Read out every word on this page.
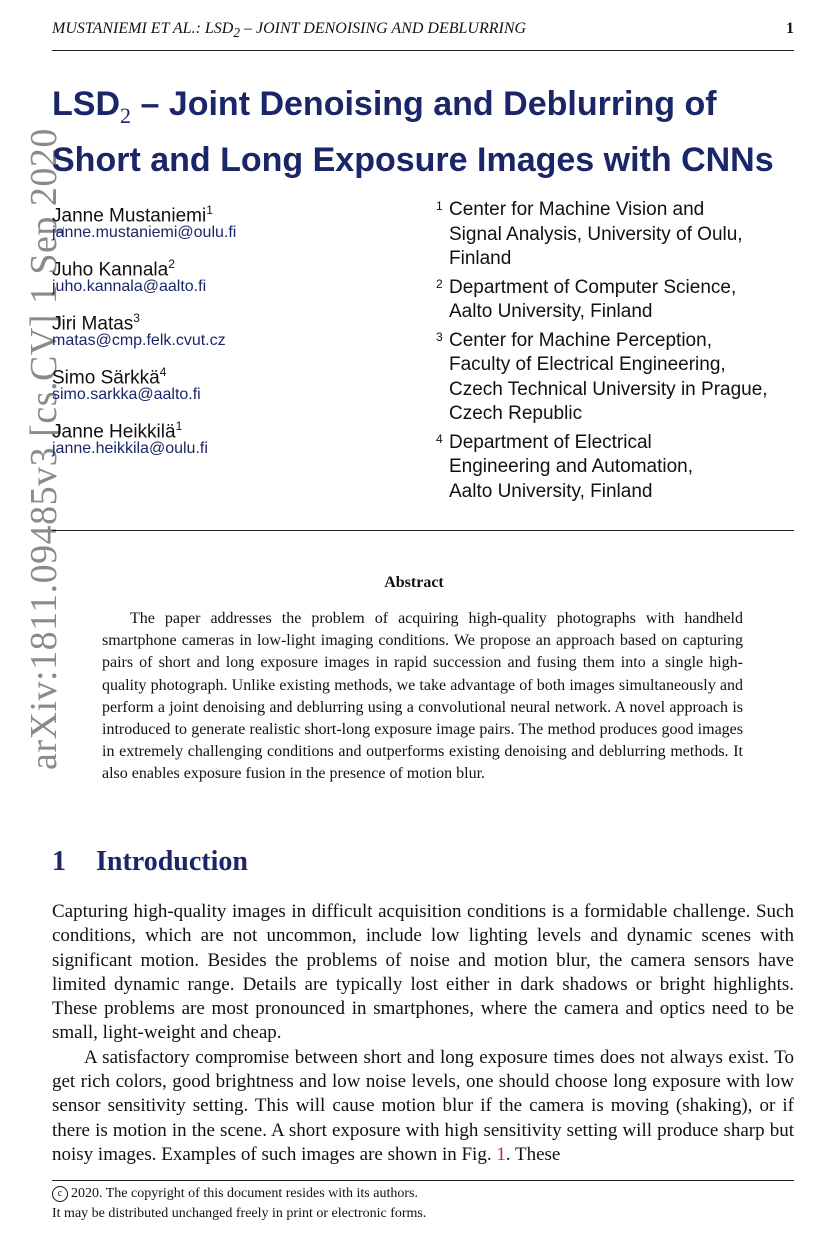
MUSTANIEMI ET AL.: $LSD_2$ – JOINT DENOISING AND DEBLURRING	1
arXiv:1811.09485v3 [cs.CV] 1 Sep 2020
$LSD_2$ – Joint Denoising and Deblurring of
Short and Long Exposure Images with CNNs
Janne Mustaniemi$^1$
janne.mustaniemi@oulu.fi
Juho Kannala$^2$
juho.kannala@aalto.fi
Jiri Matas$^3$
matas@cmp.felk.cvut.cz
Simo Särkkä$^4$
simo.sarkka@aalto.fi
Janne Heikkilä$^1$
janne.heikkila@oulu.fi
1 Center for Machine Vision and
Signal Analysis, University of Oulu,
Finland
2 Department of Computer Science,
Aalto University, Finland
3 Center for Machine Perception,
Faculty of Electrical Engineering,
Czech Technical University in Prague,
Czech Republic
4 Department of Electrical
Engineering and Automation,
Aalto University, Finland
Abstract
The paper addresses the problem of acquiring high-quality photographs with handheld smartphone cameras in low-light imaging conditions. We propose an approach based on capturing pairs of short and long exposure images in rapid succession and fusing them into a single high-quality photograph. Unlike existing methods, we take advantage of both images simultaneously and perform a joint denoising and deblurring using a convolutional neural network. A novel approach is introduced to generate realistic short-long exposure image pairs. The method produces good images in extremely challenging conditions and outperforms existing denoising and deblurring methods. It also enables exposure fusion in the presence of motion blur.
1 Introduction

Capturing high-quality images in difficult acquisition conditions is a formidable challenge. Such conditions, which are not uncommon, include low lighting levels and dynamic scenes with significant motion. Besides the problems of noise and motion blur, the camera sensors have limited dynamic range. Details are typically lost either in dark shadows or bright highlights. These problems are most pronounced in smartphones, where the camera and optics need to be small, light-weight and cheap.

A satisfactory compromise between short and long exposure times does not always exist. To get rich colors, good brightness and low noise levels, one should choose long exposure with low sensor sensitivity setting. This will cause motion blur if the camera is moving (shaking), or if there is motion in the scene. A short exposure with high sensitivity setting will produce sharp but noisy images. Examples of such images are shown in Fig. 1. These

c 2020. The copyright of this document resides with its authors.
It may be distributed unchanged freely in print or electronic forms.
